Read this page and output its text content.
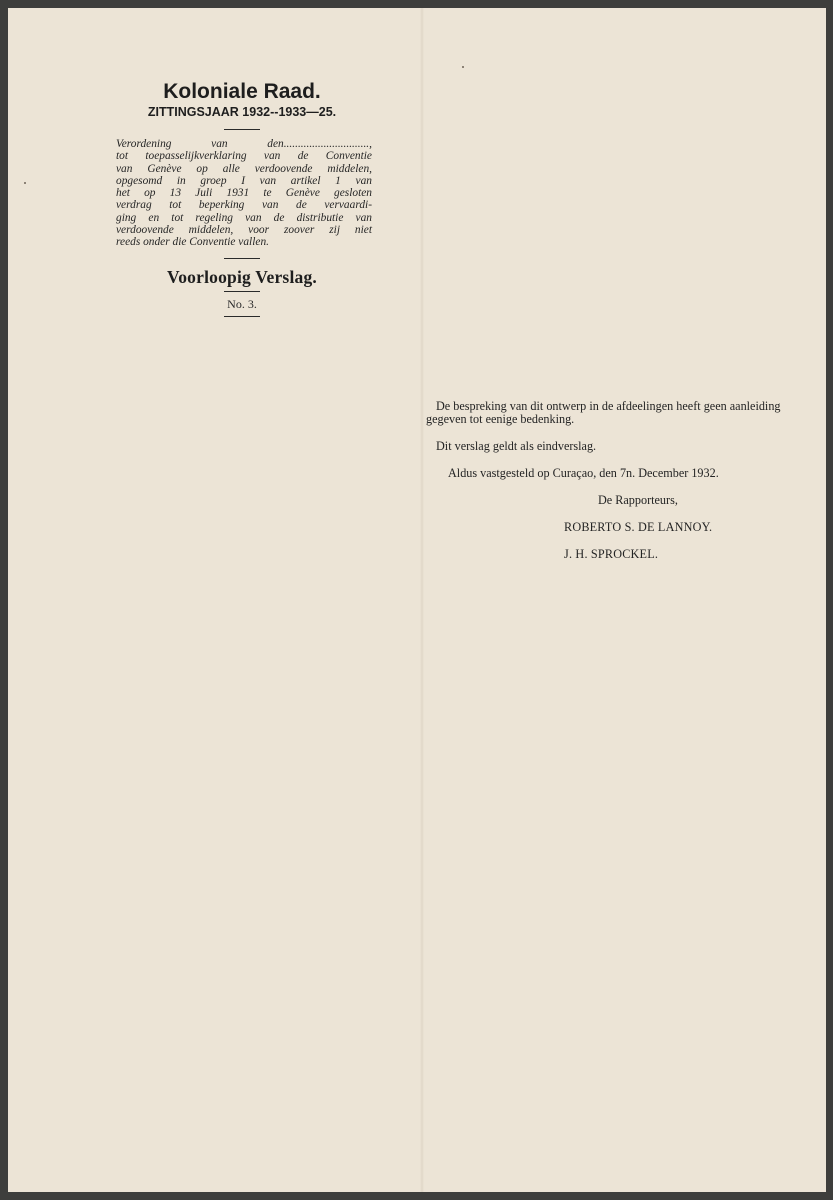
Koloniale Raad.

ZITTINGSJAAR 1932--1933—25.

Verordening van den..............................,
tot toepasselijkverklaring van de Conventie
van Genève op alle verdoovende middelen,
opgesomd in groep I van artikel 1 van
het op 13 Juli 1931 te Genève gesloten
verdrag tot beperking van de vervaardi-
ging en tot regeling van de distributie van
verdoovende middelen, voor zoover zij niet
reeds onder die Conventie vallen.

Voorloopig Verslag.

No. 3.

De bespreking van dit ontwerp in de afdeelingen heeft geen aanleiding gegeven tot eenige bedenking.

Dit verslag geldt als eindverslag.

Aldus vastgesteld op Curaçao, den 7n. December 1932.

De Rapporteurs,

ROBERTO S. DE LANNOY.

J. H. SPROCKEL.
